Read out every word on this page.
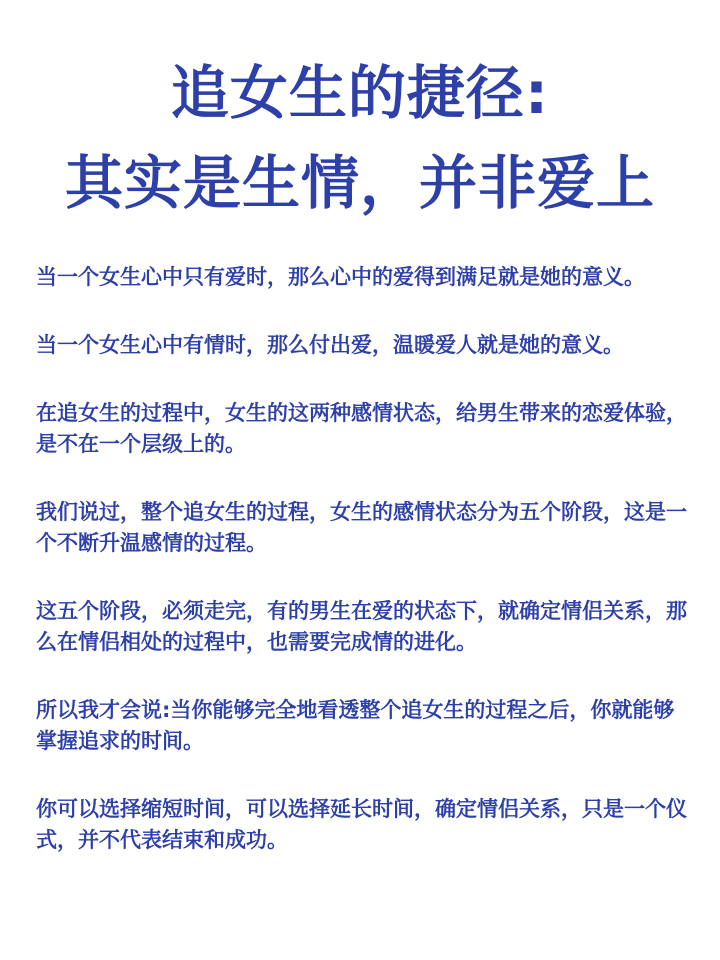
追女生的捷径:
其实是生情，并非爱上

当一个女生心中只有爱时，那么心中的爱得到满足就是她的意义。

当一个女生心中有情时，那么付出爱，温暖爱人就是她的意义。

在追女生的过程中，女生的这两种感情状态，给男生带来的恋爱体验，是不在一个层级上的。

我们说过，整个追女生的过程，女生的感情状态分为五个阶段，这是一个不断升温感情的过程。

这五个阶段，必须走完，有的男生在爱的状态下，就确定情侣关系，那么在情侣相处的过程中，也需要完成情的进化。

所以我才会说:当你能够完全地看透整个追女生的过程之后，你就能够掌握追求的时间。

你可以选择缩短时间，可以选择延长时间，确定情侣关系，只是一个仪式，并不代表结束和成功。
